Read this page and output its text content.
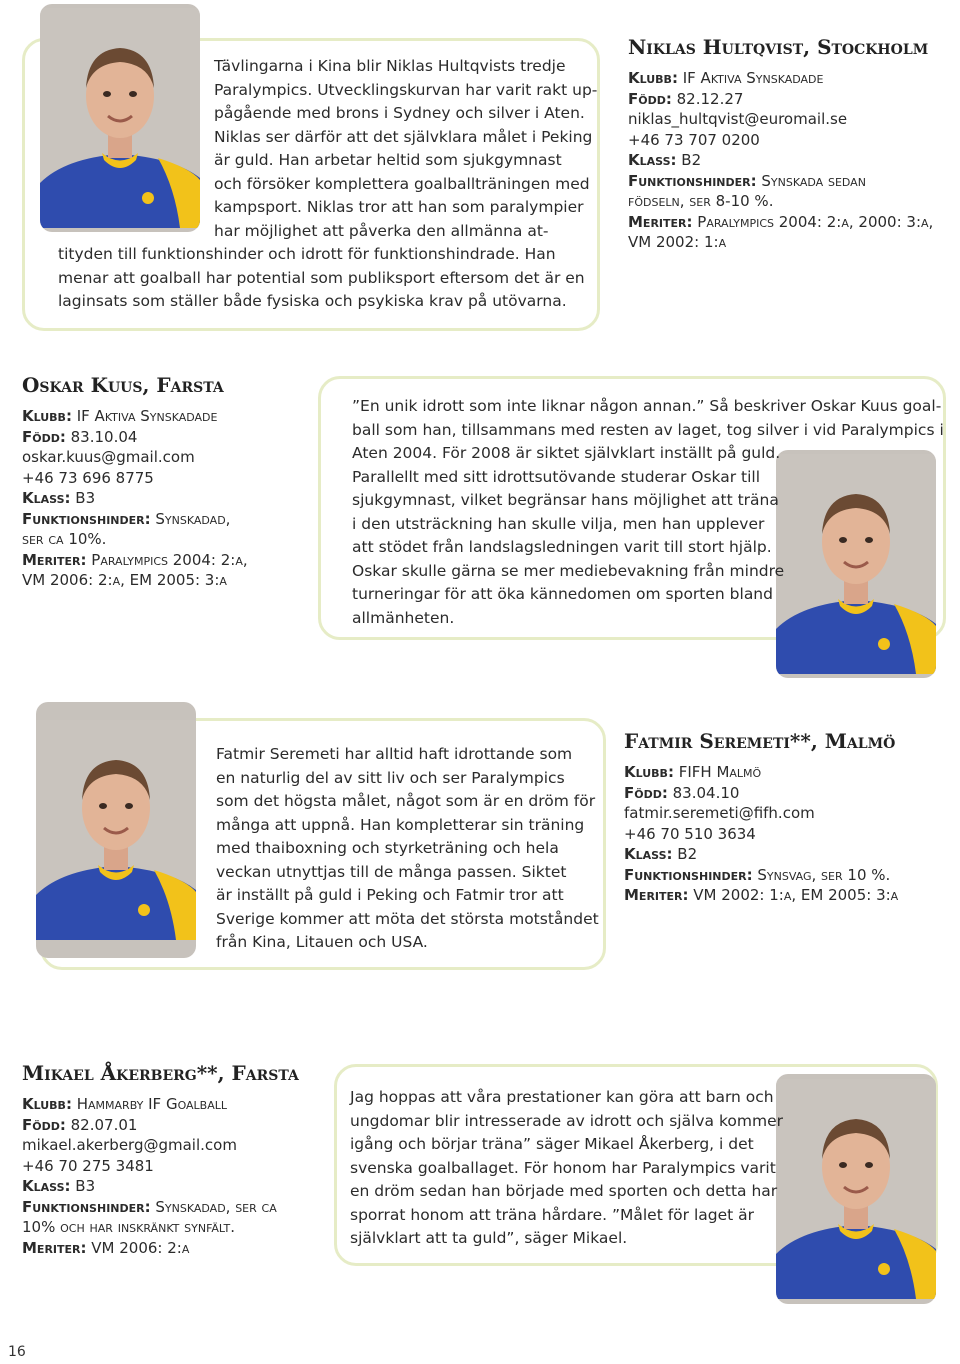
Tävlingarna i Kina blir Niklas Hultqvists tredje
Paralympics. Utvecklingskurvan har varit rakt up-
pågående med brons i Sydney och silver i Aten.
Niklas ser därför att det självklara målet i Peking
är guld. Han arbetar heltid som sjukgymnast
och försöker komplettera goalballträningen med
kampsport. Niklas tror att han som paralympier
har möjlighet att påverka den allmänna at-
tityden till funktionshinder och idrott för funktionshindrade. Han
menar att goalball har potential som publiksport eftersom det är en
laginsats som ställer både fysiska och psykiska krav på utövarna.
Niklas Hultqvist, Stockholm
Klubb: IF Aktiva Synskadade
Född: 82.12.27
niklas_hultqvist@euromail.se
+46 73 707 0200
Klass: B2
Funktionshinder: Synskada sedan
födseln, ser 8-10 %.
Meriter: Paralympics 2004: 2:a, 2000: 3:a,
VM 2002: 1:a
Oskar Kuus, Farsta
Klubb: IF Aktiva Synskadade
Född: 83.10.04
oskar.kuus@gmail.com
+46 73 696 8775
Klass: B3
Funktionshinder: Synskadad,
ser ca 10%.
Meriter: Paralympics 2004: 2:a,
VM 2006: 2:a, EM 2005: 3:a
”En unik idrott som inte liknar någon annan.” Så beskriver Oskar Kuus goal-
ball som han, tillsammans med resten av laget, tog silver i vid Paralympics i
Aten 2004. För 2008 är siktet självklart inställt på guld.
Parallellt med sitt idrottsutövande studerar Oskar till
sjukgymnast, vilket begränsar hans möjlighet att träna
i den utsträckning han skulle vilja, men han upplever
att stödet från landslagsledningen varit till stort hjälp.
Oskar skulle gärna se mer mediebevakning från mindre
turneringar för att öka kännedomen om sporten bland
allmänheten.
Fatmir Seremeti har alltid haft idrottande som
en naturlig del av sitt liv och ser Paralympics
som det högsta målet, något som är en dröm för
många att uppnå. Han kompletterar sin träning
med thaiboxning och styrketräning och hela
veckan utnyttjas till de många passen. Siktet
är inställt på guld i Peking och Fatmir tror att
Sverige kommer att möta det största motståndet
från Kina, Litauen och USA.
Fatmir Seremeti**, Malmö
Klubb: FIFH Malmö
Född: 83.04.10
fatmir.seremeti@fifh.com
+46 70 510 3634
Klass: B2
Funktionshinder: Synsvag, ser 10 %.
Meriter: VM 2002: 1:a, EM 2005: 3:a
Mikael Åkerberg**, Farsta
Klubb: Hammarby IF Goalball
Född: 82.07.01
mikael.akerberg@gmail.com
+46 70 275 3481
Klass: B3
Funktionshinder: Synskadad, ser ca
10% och har inskränkt synfält.
Meriter: VM 2006: 2:a
Jag hoppas att våra prestationer kan göra att barn och
ungdomar blir intresserade av idrott och själva kommer
igång och börjar träna” säger Mikael Åkerberg, i det
svenska goalballaget. För honom har Paralympics varit
en dröm sedan han började med sporten och detta har
sporrat honom att träna hårdare. ”Målet för laget är
självklart att ta guld”, säger Mikael.
16
